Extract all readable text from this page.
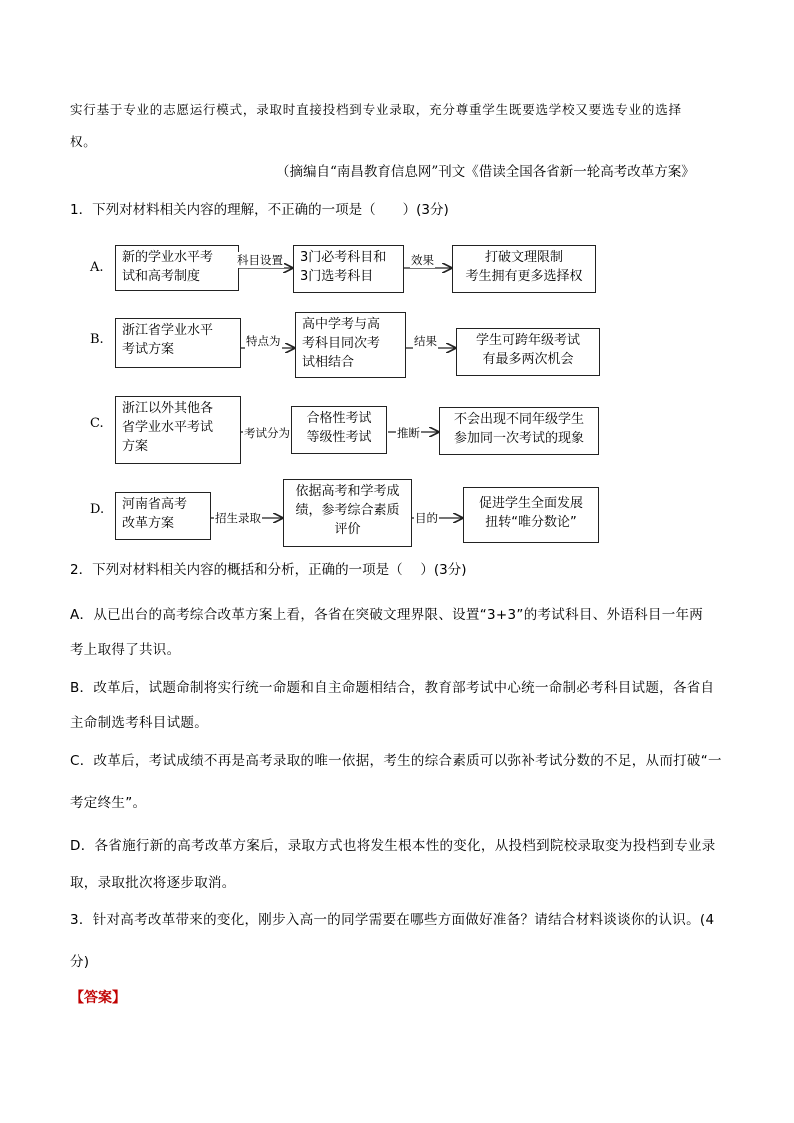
实行基于专业的志愿运行模式，录取时直接投档到专业录取，充分尊重学生既要选学校又要选专业的选择
权。
（摘编自“南昌教育信息网”刊文《借读全国各省新一轮高考改革方案》
1．下列对材料相关内容的理解，不正确的一项是（　　）(3分)
A.
新的学业水平考
试和高考制度
科目设置 3门必考科目和
3门选考科目
效果	打破文理限制
考生拥有更多选择权
B.
浙江省学业水平
考试方案
特点为
高中学考与高
考科目同次考
试相结合
结果	学生可跨年级考试
有最多两次机会
C.
浙江以外其他各
省学业水平考试
方案
考试分为
合格性考试
等级性考试	推断
不会出现不同年级学生
参加同一次考试的现象
D. 河南省高考
改革方案	招生录取
依据高考和学考成
绩，参考综合素质
评价
目的
促进学生全面发展
扭转“唯分数论”
2．下列对材料相关内容的概括和分析，正确的一项是（　 ）(3分)
A．从已出台的高考综合改革方案上看，各省在突破文理界限、设置“3+3”的考试科目、外语科目一年两
考上取得了共识。
B．改革后，试题命制将实行统一命题和自主命题相结合，教育部考试中心统一命制必考科目试题，各省自
主命制选考科目试题。
C．改革后，考试成绩不再是高考录取的唯一依据，考生的综合素质可以弥补考试分数的不足，从而打破“一
考定终生”。
D．各省施行新的高考改革方案后，录取方式也将发生根本性的变化，从投档到院校录取变为投档到专业录
取，录取批次将逐步取消。
3．针对高考改革带来的变化，刚步入高一的同学需要在哪些方面做好准备？请结合材料谈谈你的认识。(4
分)
【答案】
